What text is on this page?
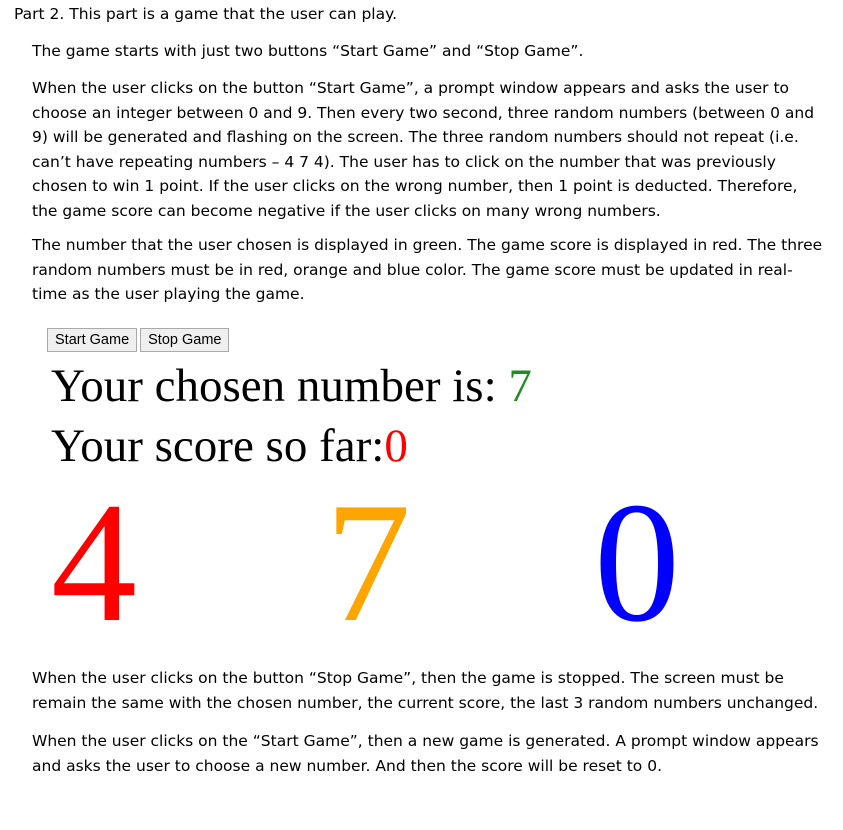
Part 2. This part is a game that the user can play.

The game starts with just two buttons “Start Game” and “Stop Game”.

When the user clicks on the button “Start Game”, a prompt window appears and asks the user to
choose an integer between 0 and 9. Then every two second, three random numbers (between 0 and
9) will be generated and flashing on the screen. The three random numbers should not repeat (i.e.
can’t have repeating numbers – 4 7 4). The user has to click on the number that was previously
chosen to win 1 point. If the user clicks on the wrong number, then 1 point is deducted. Therefore,
the game score can become negative if the user clicks on many wrong numbers.

The number that the user chosen is displayed in green. The game score is displayed in red. The three
random numbers must be in red, orange and blue color. The game score must be updated in real-
time as the user playing the game.

Start Game	Stop Game
Your chosen number is: 7
Your score so far:0
4 7 0

When the user clicks on the button “Stop Game”, then the game is stopped. The screen must be
remain the same with the chosen number, the current score, the last 3 random numbers unchanged.

When the user clicks on the “Start Game”, then a new game is generated. A prompt window appears
and asks the user to choose a new number. And then the score will be reset to 0.
